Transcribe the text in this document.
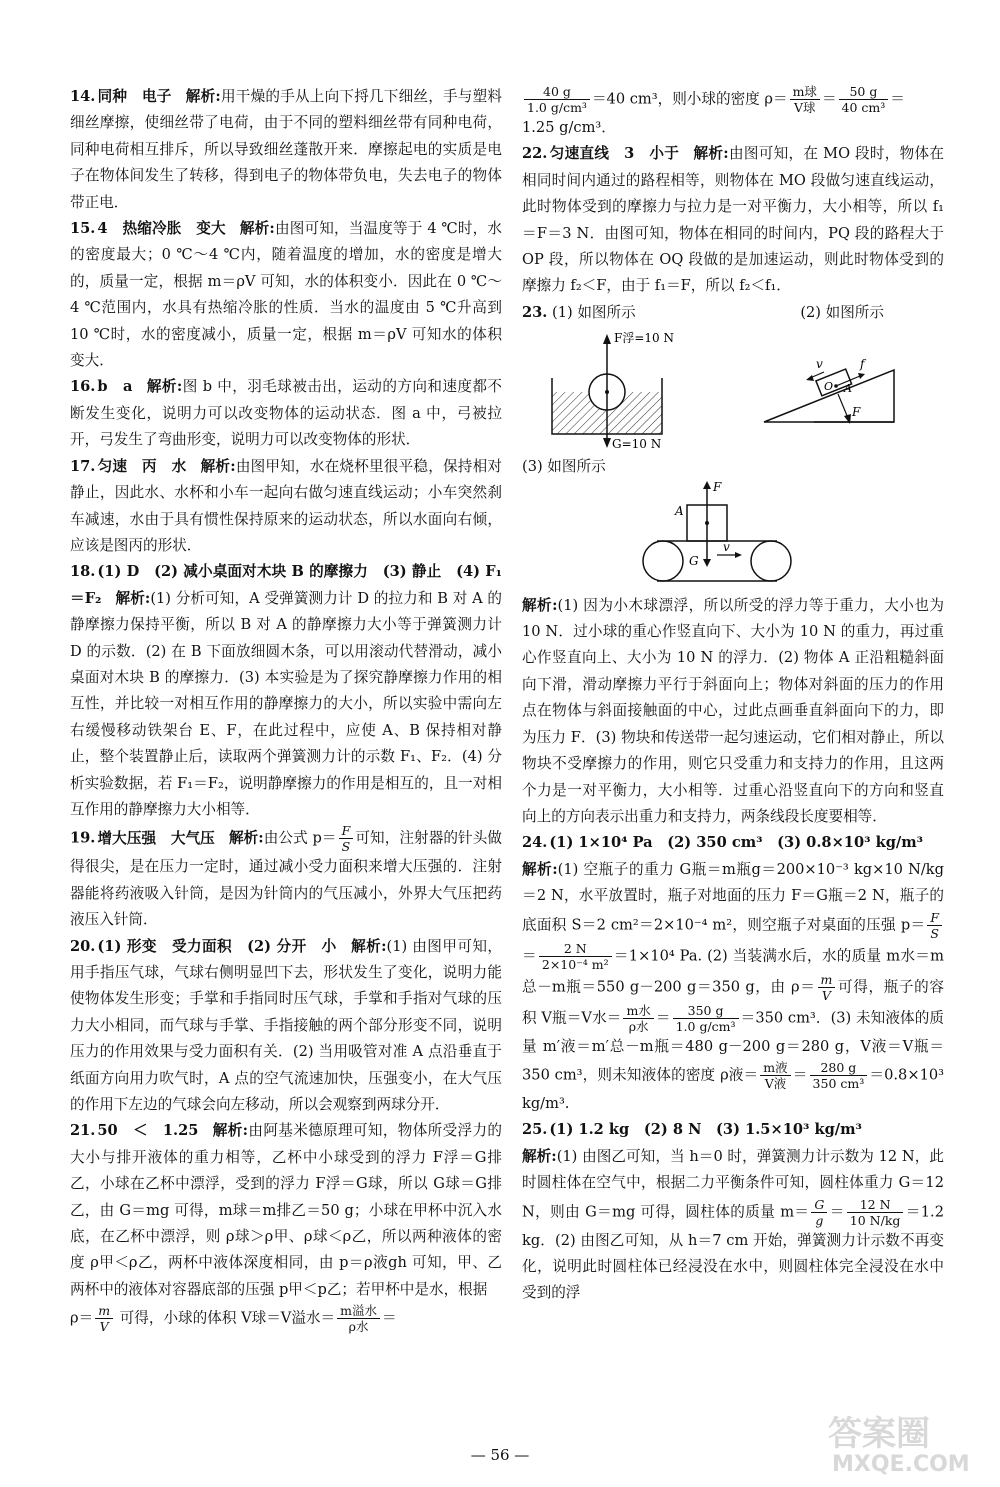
14. 同种　电子 解析:用干燥的手从上向下捋几下细丝，手与塑料细丝摩擦，使细丝带了电荷，由于不同的塑料细丝带有同种电荷，同种电荷相互排斥，所以导致细丝蓬散开来．摩擦起电的实质是电子在物体间发生了转移，得到电子的物体带负电，失去电子的物体带正电．

15. 4　热缩冷胀　变大 解析:由图可知，当温度等于 4 ℃时，水的密度最大；0 ℃～4 ℃内，随着温度的增加，水的密度是增大的，质量一定，根据 m＝ρV 可知，水的体积变小．因此在 0 ℃～4 ℃范围内，水具有热缩冷胀的性质．当水的温度由 5 ℃升高到 10 ℃时，水的密度减小，质量一定，根据 m＝ρV 可知水的体积变大．

16. b　a 解析:图 b 中，羽毛球被击出，运动的方向和速度都不断发生变化，说明力可以改变物体的运动状态．图 a 中，弓被拉开，弓发生了弯曲形变，说明力可以改变物体的形状．

17. 匀速　丙　水 解析:由图甲知，水在烧杯里很平稳，保持相对静止，因此水、水杯和小车一起向右做匀速直线运动；小车突然刹车减速，水由于具有惯性保持原来的运动状态，所以水面向右倾，应该是图丙的形状．

18. (1) D　(2) 减小桌面对木块 B 的摩擦力　(3) 静止　(4) F₁＝F₂ 解析:(1) 分析可知，A 受弹簧测力计 D 的拉力和 B 对 A 的静摩擦力保持平衡，所以 B 对 A 的静摩擦力大小等于弹簧测力计 D 的示数．(2) 在 B 下面放细圆木条，可以用滚动代替滑动，减小桌面对木块 B 的摩擦力．(3) 本实验是为了探究静摩擦力作用的相互性，并比较一对相互作用的静摩擦力的大小，所以实验中需向左右缓慢移动铁架台 E、F，在此过程中，应使 A、B 保持相对静止，整个装置静止后，读取两个弹簧测力计的示数 F₁、F₂．(4) 分析实验数据，若 F₁＝F₂，说明静摩擦力的作用是相互的，且一对相互作用的静摩擦力大小相等．

19. 增大压强　大气压 解析:由公式 $p= \frac{F}{S}$ 可知，注射器的针头做得很尖，是在压力一定时，通过减小受力面积来增大压强的．注射器能将药液吸入针筒，是因为针筒内的气压减小，外界大气压把药液压入针筒．

20. (1) 形变　受力面积　(2) 分开　小 解析:(1) 由图甲可知，用手指压气球，气球右侧明显凹下去，形状发生了变化，说明力能使物体发生形变；手掌和手指同时压气球，手掌和手指对气球的压力大小相同，而气球与手掌、手指接触的两个部分形变不同，说明压力的作用效果与受力面积有关．(2) 当用吸管对准 A 点沿垂直于纸面方向用力吹气时，A 点的空气流速加快，压强变小，在大气压的作用下左边的气球会向左移动，所以会观察到两球分开．

21. 50　＜　1.25 解析:由阿基米德原理可知，物体所受浮力的大小与排开液体的重力相等，乙杯中小球受到的浮力 F浮＝G排乙，小球在乙杯中漂浮，受到的浮力 F浮＝G球，所以 G球＝G排乙，由 G＝mg 可得，m球＝m排乙＝50 g；小球在甲杯中沉入水底，在乙杯中漂浮，则 ρ球＞ρ甲、ρ球＜ρ乙，所以两种液体的密度 ρ甲＜ρ乙，两杯中液体深度相同，由 p＝ρ液gh 可知，甲、乙两杯中的液体对容器底部的压强 p甲＜p乙；若甲杯中是水，根据
$\rho= \frac{m}{V}$ 可得，小球的体积 V球＝V溢水＝ $\frac{\text{m溢水}}{\text{ρ水}}$ ＝

$\frac{40 g}{\text{1.0 g/cm³}} =40$ cm³，则小球的密度 $\rho= \frac{\text{m球}}{\text{V球}} = \frac{50 g}{\text{40 cm³}}$ ＝
1.25 g/cm³．

22. 匀速直线　3　小于 解析:由图可知，在 MO 段时，物体在相同时间内通过的路程相等，则物体在 MO 段做匀速直线运动，此时物体受到的摩擦力与拉力是一对平衡力，大小相等，所以 f₁＝F＝3 N．由图可知，物体在相同的时间内，PQ 段的路程大于 OP 段，所以物体在 OQ 段做的是加速运动，则此时物体受到的摩擦力 f₂＜F，由于 f₁＝F，所以 f₂＜f₁．

23. (1) 如图所示	(2) 如图所示
F浮=10 N
G=10 N
v	f
O A
F
(3) 如图所示
F
A
G
v

解析:(1) 因为小木球漂浮，所以所受的浮力等于重力，大小也为 10 N．过小球的重心作竖直向下、大小为 10 N 的重力，再过重心作竖直向上、大小为 10 N 的浮力．(2) 物体 A 正沿粗糙斜面向下滑，滑动摩擦力平行于斜面向上；物体对斜面的压力的作用点在物体与斜面接触面的中心，过此点画垂直斜面向下的力，即为压力 F．(3) 物块和传送带一起匀速运动，它们相对静止，所以物块不受摩擦力的作用，则它只受重力和支持力的作用，且这两个力是一对平衡力，大小相等．过重心沿竖直向下的方向和竖直向上的方向表示出重力和支持力，两条线段长度要相等．

24. (1) 1×10⁴ Pa　(2) 350 cm³　(3) 0.8×10³ kg/m³
解析:(1) 空瓶子的重力 G瓶＝m瓶g＝200×10⁻³ kg×10 N/kg＝2 N，水平放置时，瓶子对地面的压力 F＝G瓶＝2 N，瓶子的底面积 S＝2 cm²＝2×10⁻⁴ m²，则空瓶子对桌面的压强 $p= \frac{F}{S}$
＝ $\frac{2 N}{\text{2×10⁻⁴ m²}} =1\times 10^4$ Pa. (2) 当装满水后，水的质量 m水＝m总－m瓶＝550 g－200 g＝350 g，由 $\rho= \frac{m}{V}$ 可得，瓶子的容积 V瓶＝V水＝ $\frac{\text{m水}}{\text{ρ水}} = \frac{350 g}{\text{1.0 g/cm³}} =350$ cm³．(3) 未知液体的质量 m′液＝m′总－m瓶＝480 g－200 g＝280 g，V液＝V瓶＝350 cm³，则未知液体的密度 ρ液＝ $\frac{\text{m液}}{\text{V液}} = \frac{280 g}{\text{350 cm³}} =0.8\times 10^3$ kg/m³.

25. (1) 1.2 kg　(2) 8 N　(3) 1.5×10³ kg/m³
解析:(1) 由图乙可知，当 h＝0 时，弹簧测力计示数为 12 N，此时圆柱体在空气中，根据二力平衡条件可知，圆柱体重力 G＝12 N，则由 G＝mg 可得，圆柱体的质量 $m= \frac{G}{g} = \frac{12 N}{10 N/kg} =1.2$ kg．(2) 由图乙可知，从 h＝7 cm 开始，弹簧测力计示数不再变化，说明此时圆柱体已经浸没在水中，则圆柱体完全浸没在水中受到的浮

— 56 —
答案圈
MXQE.COM
